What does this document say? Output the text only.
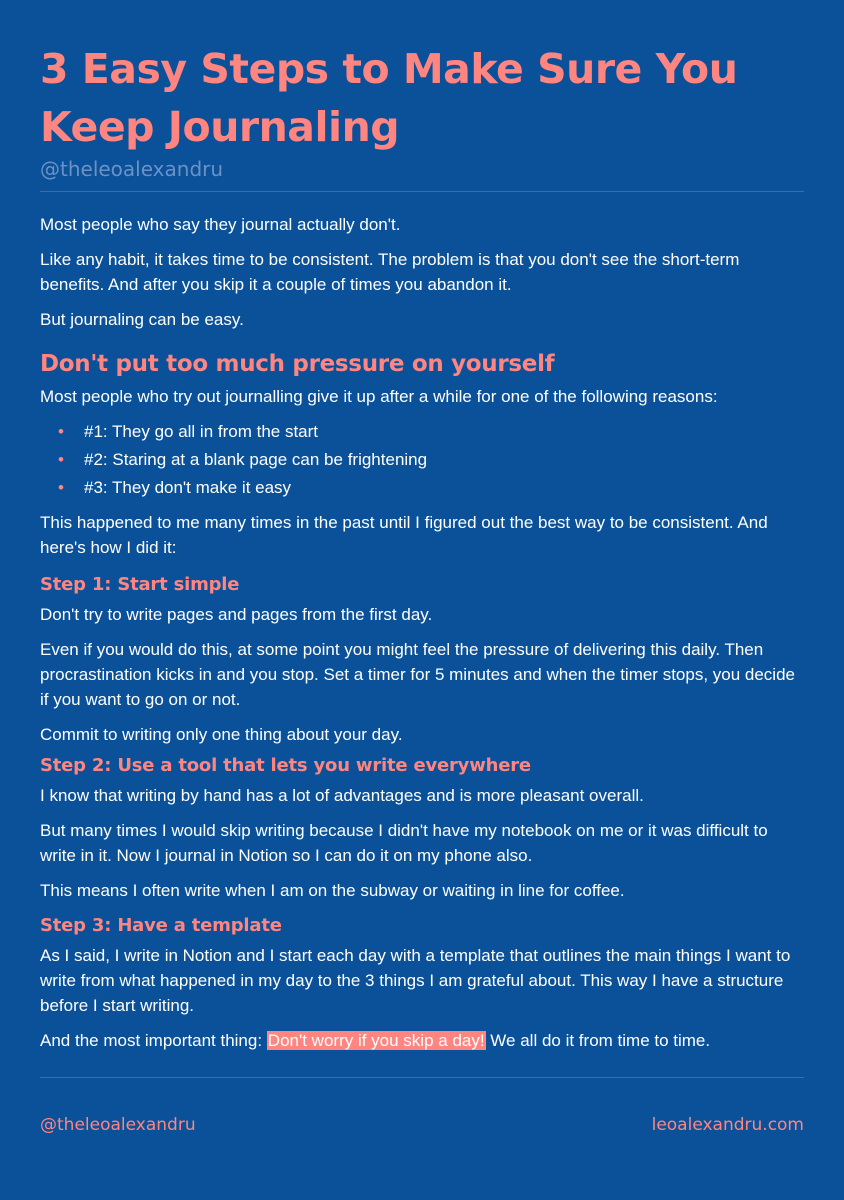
3 Easy Steps to Make Sure You Keep Journaling
@theleoalexandru

Most people who say they journal actually don't.

Like any habit, it takes time to be consistent. The problem is that you don't see the short-term benefits. And after you skip it a couple of times you abandon it.

But journaling can be easy.

Don't put too much pressure on yourself

Most people who try out journalling give it up after a while for one of the following reasons:

• #1: They go all in from the start
• #2: Staring at a blank page can be frightening
• #3: They don't make it easy

This happened to me many times in the past until I figured out the best way to be consistent. And here's how I did it:

Step 1: Start simple

Don't try to write pages and pages from the first day.

Even if you would do this, at some point you might feel the pressure of delivering this daily. Then procrastination kicks in and you stop. Set a timer for 5 minutes and when the timer stops, you decide if you want to go on or not.

Commit to writing only one thing about your day.

Step 2: Use a tool that lets you write everywhere

I know that writing by hand has a lot of advantages and is more pleasant overall.

But many times I would skip writing because I didn't have my notebook on me or it was difficult to write in it. Now I journal in Notion so I can do it on my phone also.

This means I often write when I am on the subway or waiting in line for coffee.

Step 3: Have a template

As I said, I write in Notion and I start each day with a template that outlines the main things I want to write from what happened in my day to the 3 things I am grateful about. This way I have a structure before I start writing.

And the most important thing: Don't worry if you skip a day! We all do it from time to time.

@theleoalexandru	leoalexandru.com
